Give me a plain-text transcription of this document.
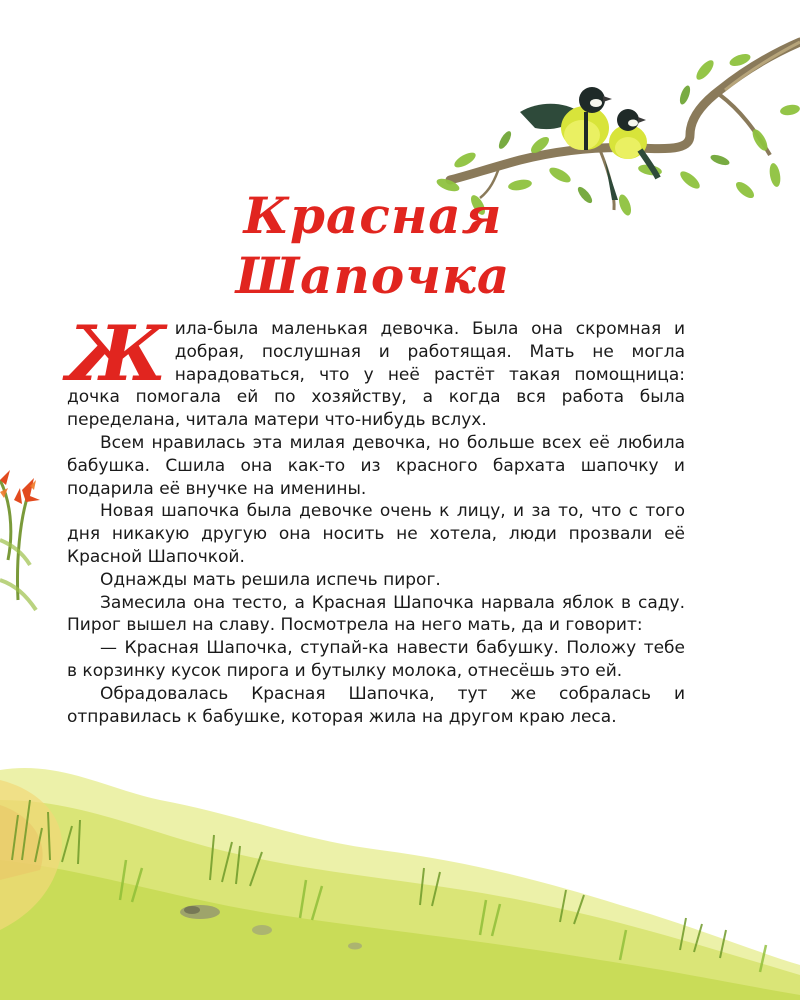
Красная
Шапочка

Жила-была маленькая девочка. Была она скромная и добрая, послушная и работящая. Мать не могла нарадоваться, что у неё растёт такая помощница: дочка помогала ей по хозяйству, а когда вся работа была переделана, читала матери что-нибудь вслух.

Всем нравилась эта милая девочка, но больше всех её любила бабушка. Сшила она как-то из красного бархата шапочку и подарила её внучке на именины.

Новая шапочка была девочке очень к лицу, и за то, что с того дня никакую другую она носить не хотела, люди прозвали её Красной Шапочкой.

Однажды мать решила испечь пирог.

Замесила она тесто, а Красная Шапочка нарвала яблок в саду. Пирог вышел на славу. Посмотрела на него мать, да и говорит:

— Красная Шапочка, ступай-ка навести бабушку. Положу тебе в корзинку кусок пирога и бутылку молока, отнесёшь это ей.

Обрадовалась Красная Шапочка, тут же собралась и отправилась к бабушке, которая жила на другом краю леса.
